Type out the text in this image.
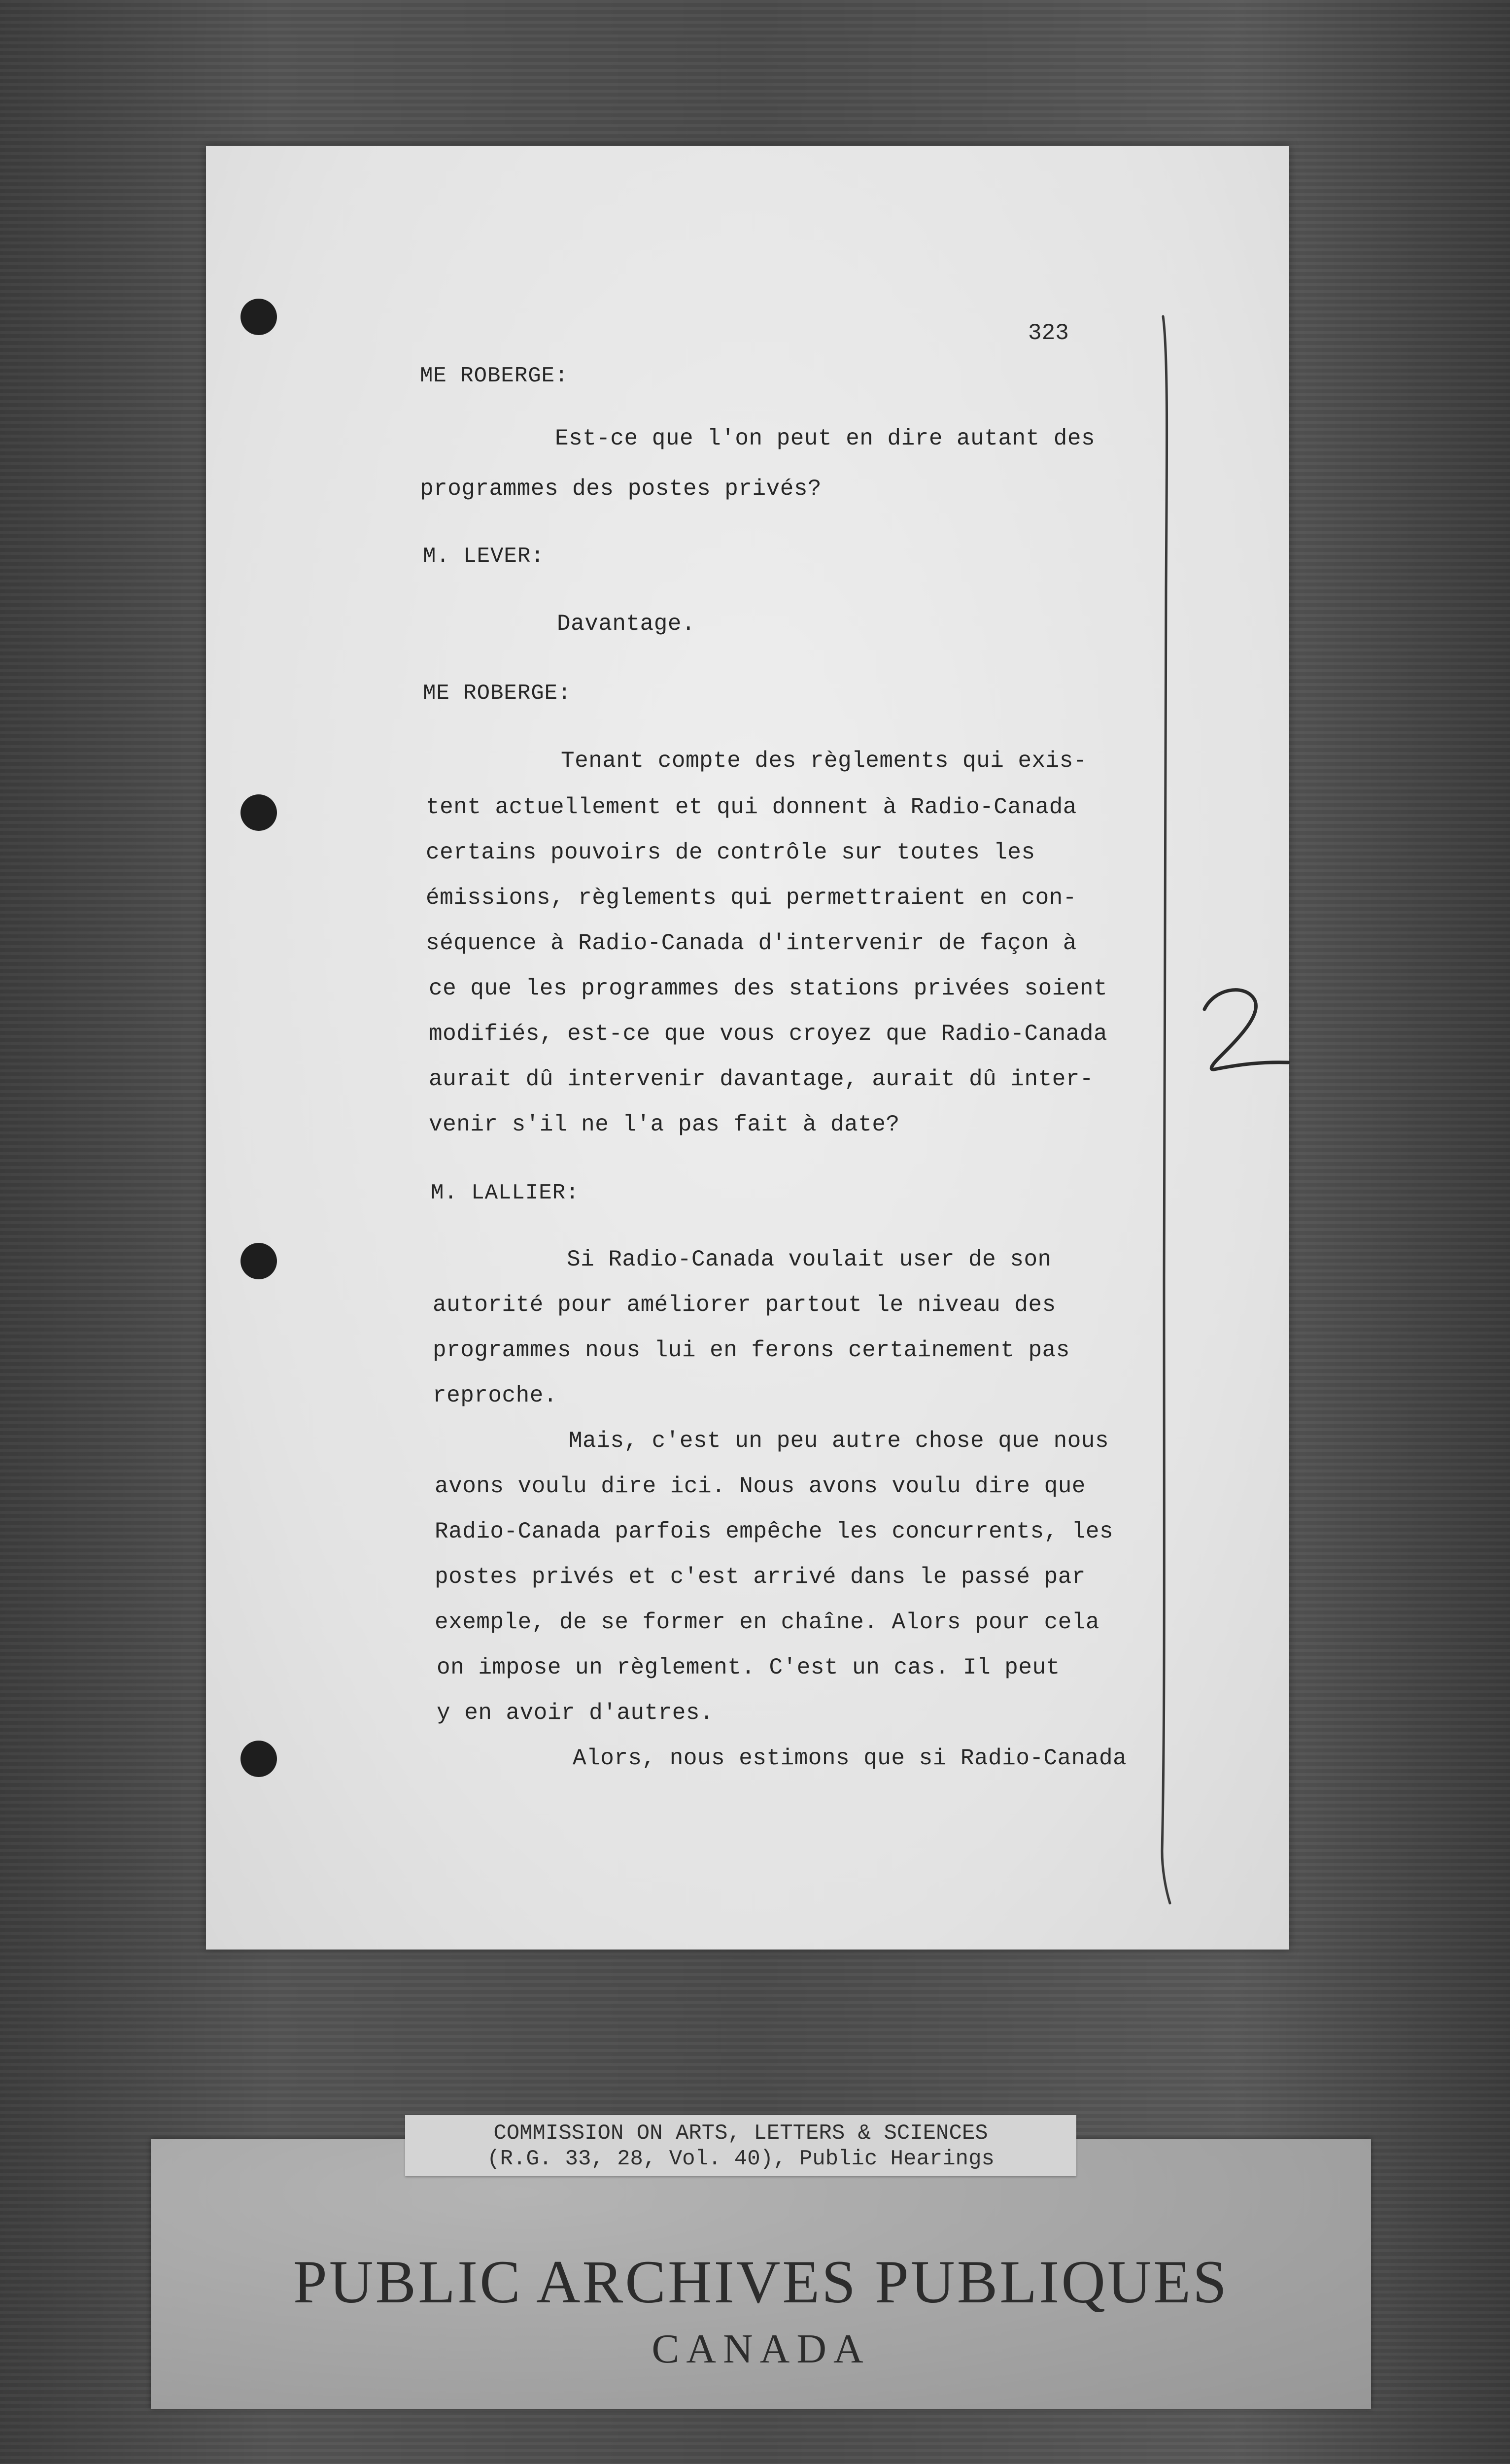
323
ME ROBERGE:
Est-ce que l'on peut en dire autant des
programmes des postes privés?
M. LEVER:
Davantage.
ME ROBERGE:
Tenant compte des règlements qui exis-
tent actuellement et qui donnent à Radio-Canada
certains pouvoirs de contrôle sur toutes les
émissions, règlements qui permettraient en con-
séquence à Radio-Canada d'intervenir de façon à
ce que les programmes des stations privées soient
modifiés, est-ce que vous croyez que Radio-Canada
aurait dû intervenir davantage, aurait dû inter-
venir s'il ne l'a pas fait à date?
M. LALLIER:
Si Radio-Canada voulait user de son
autorité pour améliorer partout le niveau des
programmes nous lui en ferons certainement pas
reproche.
Mais, c'est un peu autre chose que nous
avons voulu dire ici. Nous avons voulu dire que
Radio-Canada parfois empêche les concurrents, les
postes privés et c'est arrivé dans le passé par
exemple, de se former en chaîne. Alors pour cela
on impose un règlement. C'est un cas. Il peut
y en avoir d'autres.
Alors, nous estimons que si Radio-Canada
COMMISSION ON ARTS, LETTERS & SCIENCES
(R.G. 33, 28, Vol. 40), Public Hearings
PUBLIC ARCHIVES PUBLIQUES
CANADA
